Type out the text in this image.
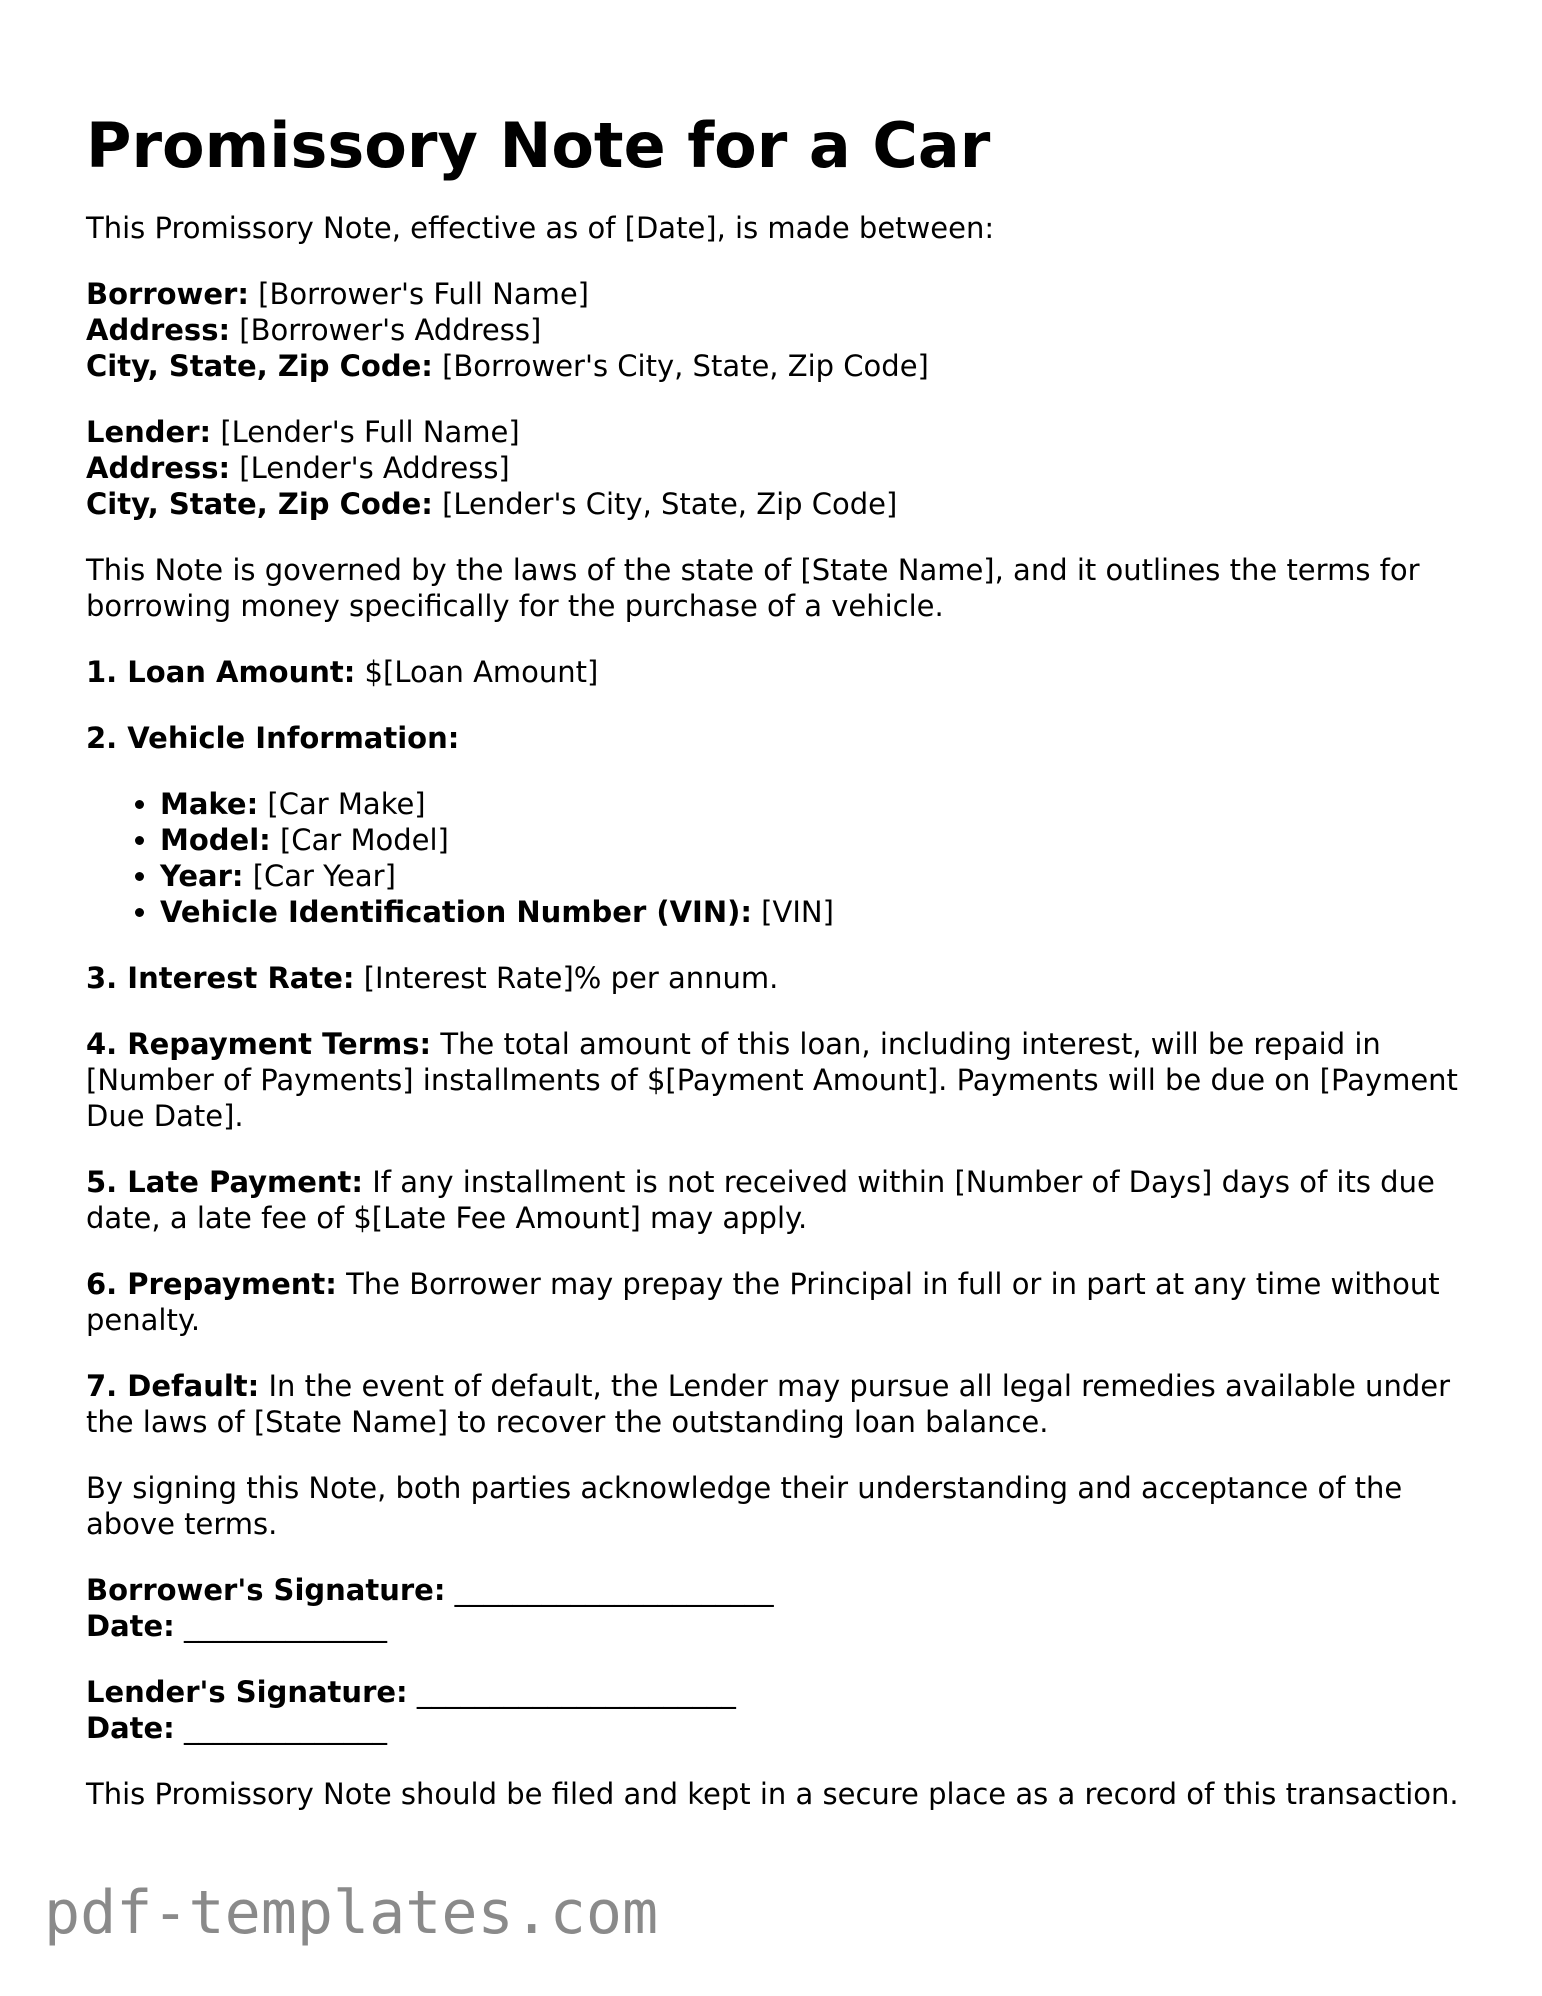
Promissory Note for a Car

This Promissory Note, effective as of [Date], is made between:

Borrower: [Borrower's Full Name]
Address: [Borrower's Address]
City, State, Zip Code: [Borrower's City, State, Zip Code]

Lender: [Lender's Full Name]
Address: [Lender's Address]
City, State, Zip Code: [Lender's City, State, Zip Code]

This Note is governed by the laws of the state of [State Name], and it outlines the terms for borrowing money specifically for the purchase of a vehicle.

1. Loan Amount: $[Loan Amount]

2. Vehicle Information:

• Make: [Car Make]
• Model: [Car Model]
• Year: [Car Year]
• Vehicle Identification Number (VIN): [VIN]

3. Interest Rate: [Interest Rate]% per annum.

4. Repayment Terms: The total amount of this loan, including interest, will be repaid in [Number of Payments] installments of $[Payment Amount]. Payments will be due on [Payment Due Date].

5. Late Payment: If any installment is not received within [Number of Days] days of its due date, a late fee of $[Late Fee Amount] may apply.

6. Prepayment: The Borrower may prepay the Principal in full or in part at any time without penalty.

7. Default: In the event of default, the Lender may pursue all legal remedies available under the laws of [State Name] to recover the outstanding loan balance.

By signing this Note, both parties acknowledge their understanding and acceptance of the above terms.

Borrower's Signature: ______________________
Date: ______________

Lender's Signature: ______________________
Date: ______________

This Promissory Note should be filed and kept in a secure place as a record of this transaction.

pdf-templates.com
